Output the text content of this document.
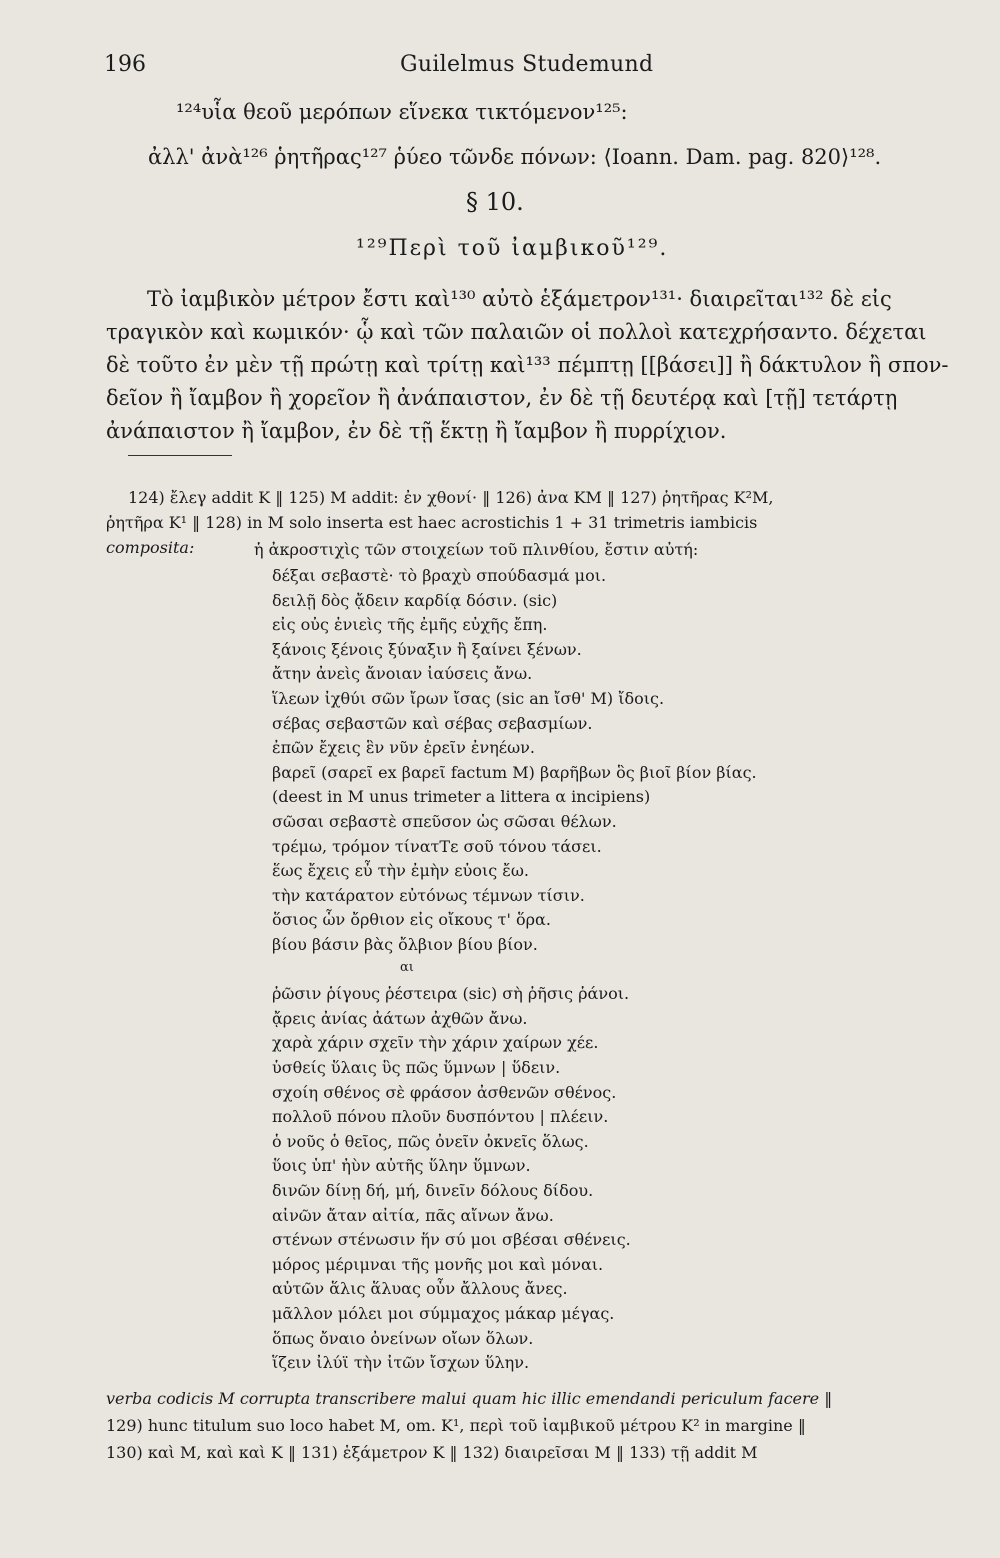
196	Guilelmus Studemund
¹²⁴υἷα θεοῦ μερόπων εἵνεκα τικτόμενον¹²⁵:
ἀλλ' ἀνὰ¹²⁶ ῥητῆρας¹²⁷ ῥύεο τῶνδε πόνων: ⟨Ioann. Dam. pag. 820⟩¹²⁸.
§ 10.
¹²⁹Περὶ τοῦ ἰαμβικοῦ¹²⁹.
Τὸ ἰαμβικὸν μέτρον ἔστι καὶ¹³⁰ αὐτὸ ἑξάμετρον¹³¹· διαιρεῖται¹³² δὲ εἰς
τραγικὸν καὶ κωμικόν· ᾧ καὶ τῶν παλαιῶν οἱ πολλοὶ κατεχρήσαντο. δέχεται
δὲ τοῦτο ἐν μὲν τῇ πρώτῃ καὶ τρίτῃ καὶ¹³³ πέμπτῃ [[βάσει]] ἢ δάκτυλον ἢ σπον-
δεῖον ἢ ἴαμβον ἢ χορεῖον ἢ ἀνάπαιστον, ἐν δὲ τῇ δευτέρᾳ καὶ [τῇ] τετάρτῃ
ἀνάπαιστον ἢ ἴαμβον, ἐν δὲ τῇ ἕκτῃ ἢ ἴαμβον ἢ πυρρίχιον.
124) ἔλεγ addit K ‖ 125) M addit: ἐν χθονί· ‖ 126) ἀνα KM ‖ 127) ῥητῆρας K²M,
ῥητῆρα K¹ ‖ 128) in M solo inserta est haec acrostichis 1 + 31 trimetris iambicis
composita:	ἡ ἀκροστιχὶς τῶν στοιχείων τοῦ πλινθίου, ἔστιν αὐτή:
δέξαι σεβαστὲ· τὸ βραχὺ σπούδασμά μοι.
δειλῇ δὸς ᾄδειν καρδίᾳ δόσιν. (sic)
εἰς οὐς ἐνιεὶς τῆς ἐμῆς εὐχῆς ἔπη.
ξάνοις ξένοις ξύναξιν ἢ ξαίνει ξένων.
ἄτην ἀνεὶς ἄνοιαν ἰαύσεις ἄνω.
ἵλεων ἰχθύι σῶν ἴρων ἴσας (sic an ἴσθ' M) ἴδοις.
σέβας σεβαστῶν καὶ σέβας σεβασμίων.
ἐπῶν ἔχεις ἓν νῦν ἐρεῖν ἐνηέων.
βαρεῖ (σαρεῖ ex βαρεῖ factum M) βαρῆβων ὃς βιοῖ βίον βίας.
(deest in M unus trimeter a littera α incipiens)
σῶσαι σεβαστὲ σπεῦσον ὡς σῶσαι θέλων.
τρέμω, τρόμον τίνατTε σοῦ τόνου τάσει.
ἕως ἔχεις εὖ τὴν ἐμὴν εὐοις ἔω.
τὴν κατάρατον εὐτόνως τέμνων τίσιν.
ὅσιος ὧν ὄρθιον εἰς οἴκους τ' ὅρα.
βίου βάσιν βὰς ὄλβιον βίου βίον.
αι
ῥῶσιν ῥίγους ῥέστειρα (sic) σὴ ῥῆσις ῥάνοι.
ᾄρεις ἀνίας ἀάτων ἀχθῶν ἄνω.
χαρὰ χάριν σχεῖν τὴν χάριν χαίρων χέε.
ὑσθείς ὕλαις ὓς πῶς ὕμνων | ὕδειν.
σχοίη σθένος σὲ φράσον ἀσθενῶν σθένος.
πολλοῦ πόνου πλοῦν δυσπόντου | πλέειν.
ὁ νοῦς ὁ θεῖος, πῶς ὀνεῖν ὀκνεῖς ὅλως.
ὕοις ὑπ' ἠὺν αὐτῆς ὕλην ὕμνων.
δινῶν δίνῃ δή, μή, δινεῖν δόλους δίδου.
αἰνῶν ἄταν αἰτία, πᾶς αἴνων ἄνω.
στένων στένωσιν ἥν σύ μοι σβέσαι σθένεις.
μόρος μέριμναι τῆς μονῆς μοι καὶ μόναι.
αὐτῶν ἅλις ἅλυας οὖν ἄλλους ἄνες.
μᾶλλον μόλει μοι σύμμαχος μάκαρ μέγας.
ὅπως ὄναιο ὀνείνων οἴων ὅλων.
ἵζειν ἰλύϊ τὴν ἰτῶν ἴσχων ὕλην.
verba codicis M corrupta transcribere malui quam hic illic emendandi periculum facere ‖
129) hunc titulum suo loco habet M, om. K¹, περὶ τοῦ ἰαμβικοῦ μέτρου K² in margine ‖
130) καὶ M, καὶ καὶ K ‖ 131) ἑξάμετρον K ‖ 132) διαιρεῖσαι M ‖ 133) τῇ addit M
